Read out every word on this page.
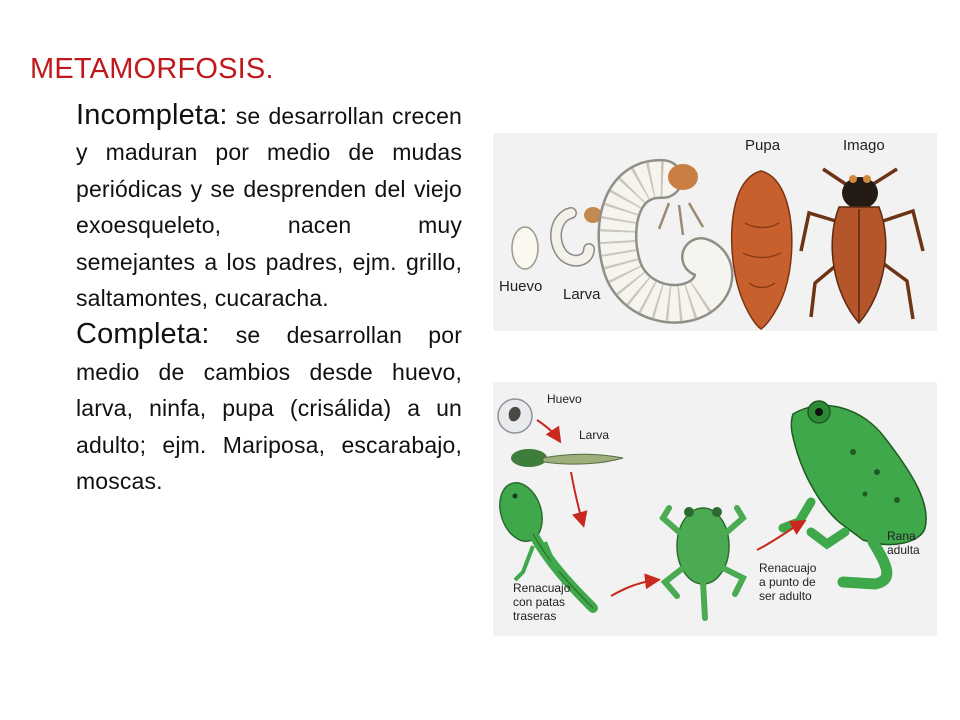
METAMORFOSIS.

Incompleta: se desarrollan crecen y maduran por medio de mudas periódicas y se desprenden del viejo exoesqueleto, nacen muy semejantes a los padres, ejm. grillo, saltamontes, cucaracha.

Completa: se desarrollan por medio de cambios desde huevo, larva, ninfa, pupa (crisálida) a un adulto; ejm. Mariposa, escarabajo, moscas.

Huevo Larva
Pupa	Imago
Huevo
Larva
Renacuajo
con patas
traseras
Renacuajo
a punto de
ser adulto
Rana
adulta
